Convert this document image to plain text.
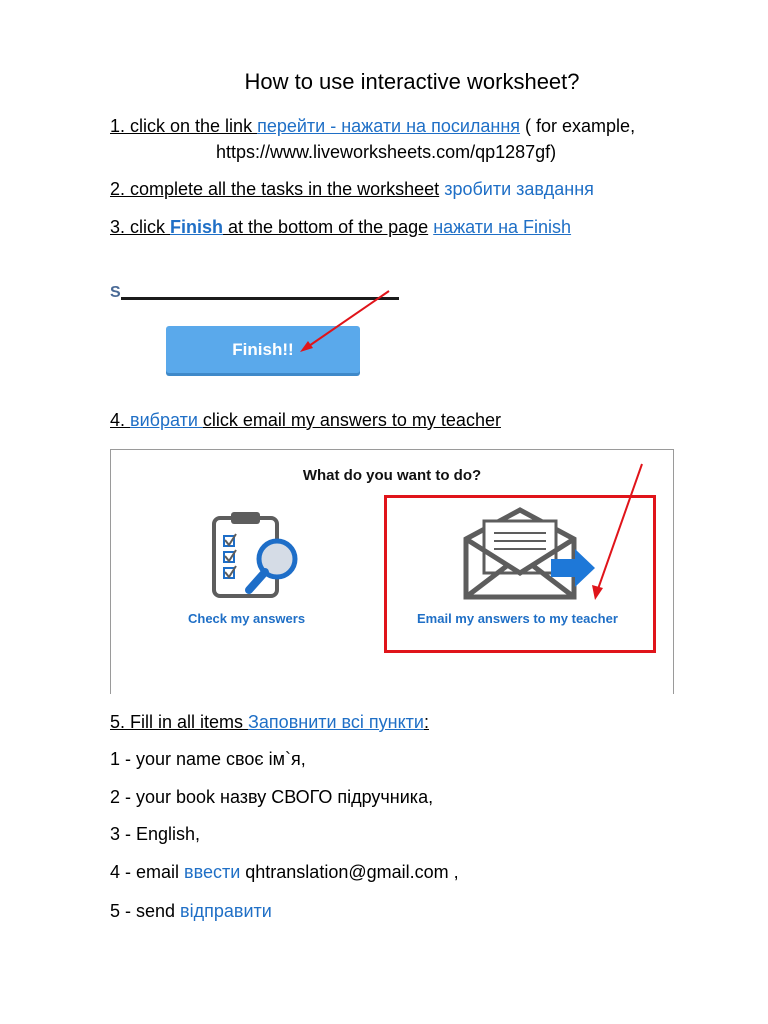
How to use interactive worksheet?
1. click on the link перейти - нажати на посилання ( for example,
https://www.liveworksheets.com/qp1287gf)
2. complete all the tasks in the worksheet зробити завдання
3. click Finish at the bottom of the page нажати на Finish
S
Finish!!
4. вибрати click email my answers to my teacher
What do you want to do?
Check my answers	Email my answers to my teacher
5. Fill in all items Заповнити всі пункти:
1 - your name своє ім`я,
2 - your book назву СВОГО підручника,
3 - English,
4 - email ввести qhtranslation@gmail.com ,
5 - send відправити
